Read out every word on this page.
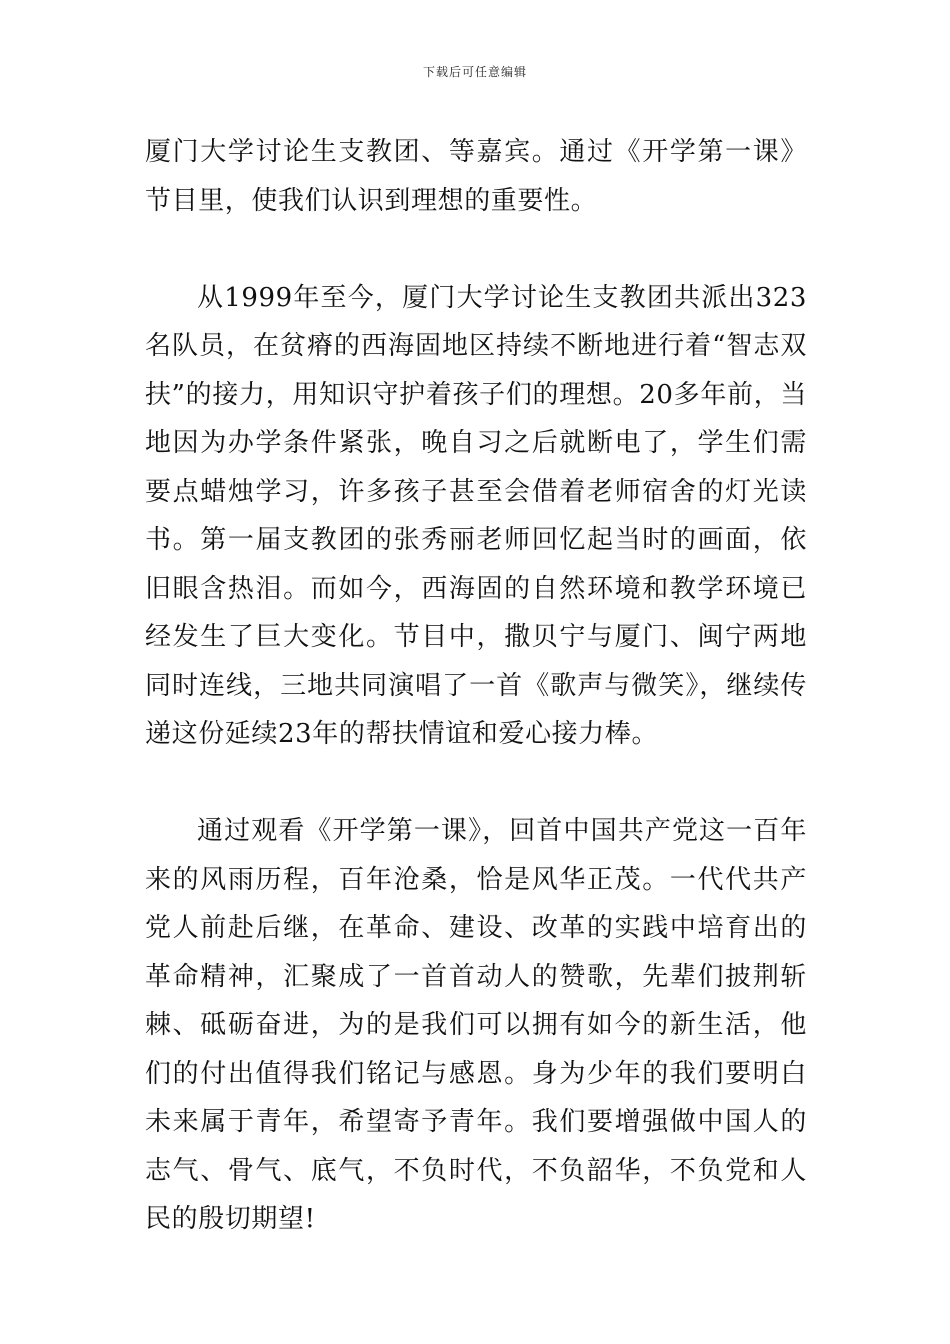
下载后可任意编辑

厦门大学讨论生支教团、等嘉宾。通过《开学第一课》节目里，使我们认识到理想的重要性。

从1999年至今，厦门大学讨论生支教团共派出323名队员，在贫瘠的西海固地区持续不断地进行着“智志双扶”的接力，用知识守护着孩子们的理想。20多年前，当地因为办学条件紧张，晚自习之后就断电了，学生们需要点蜡烛学习，许多孩子甚至会借着老师宿舍的灯光读书。第一届支教团的张秀丽老师回忆起当时的画面，依旧眼含热泪。而如今，西海固的自然环境和教学环境已经发生了巨大变化。节目中，撒贝宁与厦门、闽宁两地同时连线，三地共同演唱了一首《歌声与微笑》，继续传递这份延续23年的帮扶情谊和爱心接力棒。

通过观看《开学第一课》，回首中国共产党这一百年来的风雨历程，百年沧桑，恰是风华正茂。一代代共产党人前赴后继，在革命、建设、改革的实践中培育出的革命精神，汇聚成了一首首动人的赞歌，先辈们披荆斩棘、砥砺奋进，为的是我们可以拥有如今的新生活，他们的付出值得我们铭记与感恩。身为少年的我们要明白未来属于青年，希望寄予青年。我们要增强做中国人的志气、骨气、底气，不负时代，不负韶华，不负党和人民的殷切期望!
